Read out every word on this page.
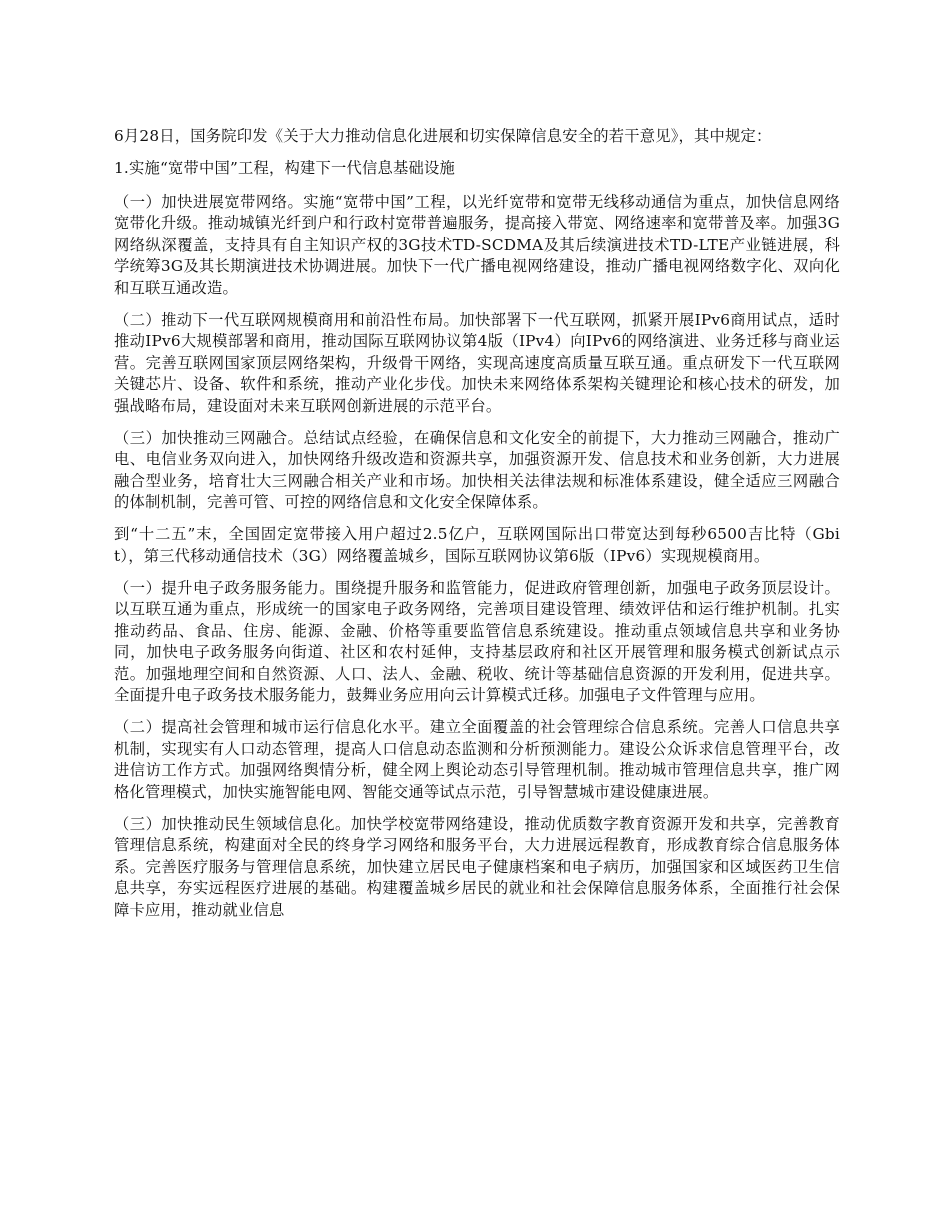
6月28日，国务院印发《关于大力推动信息化进展和切实保障信息安全的若干意见》，其中规定：

1.实施“宽带中国”工程，构建下一代信息基础设施

（一）加快进展宽带网络。实施“宽带中国”工程，以光纤宽带和宽带无线移动通信为重点，加快信息网络宽带化升级。推动城镇光纤到户和行政村宽带普遍服务，提高接入带宽、网络速率和宽带普及率。加强3G网络纵深覆盖，支持具有自主知识产权的3G技术TD-SCDMA及其后续演进技术TD-LTE产业链进展，科学统筹3G及其长期演进技术协调进展。加快下一代广播电视网络建设，推动广播电视网络数字化、双向化和互联互通改造。

（二）推动下一代互联网规模商用和前沿性布局。加快部署下一代互联网，抓紧开展IPv6商用试点，适时推动IPv6大规模部署和商用，推动国际互联网协议第4版（IPv4）向IPv6的网络演进、业务迁移与商业运营。完善互联网国家顶层网络架构，升级骨干网络，实现高速度高质量互联互通。重点研发下一代互联网关键芯片、设备、软件和系统，推动产业化步伐。加快未来网络体系架构关键理论和核心技术的研发，加强战略布局，建设面对未来互联网创新进展的示范平台。

（三）加快推动三网融合。总结试点经验，在确保信息和文化安全的前提下，大力推动三网融合，推动广电、电信业务双向进入，加快网络升级改造和资源共享，加强资源开发、信息技术和业务创新，大力进展融合型业务，培育壮大三网融合相关产业和市场。加快相关法律法规和标准体系建设，健全适应三网融合的体制机制，完善可管、可控的网络信息和文化安全保障体系。

到“十二五”末，全国固定宽带接入用户超过2.5亿户，互联网国际出口带宽达到每秒6500吉比特（Gbit），第三代移动通信技术（3G）网络覆盖城乡，国际互联网协议第6版（IPv6）实现规模商用。

（一）提升电子政务服务能力。围绕提升服务和监管能力，促进政府管理创新，加强电子政务顶层设计。以互联互通为重点，形成统一的国家电子政务网络，完善项目建设管理、绩效评估和运行维护机制。扎实推动药品、食品、住房、能源、金融、价格等重要监管信息系统建设。推动重点领域信息共享和业务协同，加快电子政务服务向街道、社区和农村延伸，支持基层政府和社区开展管理和服务模式创新试点示范。加强地理空间和自然资源、人口、法人、金融、税收、统计等基础信息资源的开发利用，促进共享。全面提升电子政务技术服务能力，鼓舞业务应用向云计算模式迁移。加强电子文件管理与应用。

（二）提高社会管理和城市运行信息化水平。建立全面覆盖的社会管理综合信息系统。完善人口信息共享机制，实现实有人口动态管理，提高人口信息动态监测和分析预测能力。建设公众诉求信息管理平台，改进信访工作方式。加强网络舆情分析，健全网上舆论动态引导管理机制。推动城市管理信息共享，推广网格化管理模式，加快实施智能电网、智能交通等试点示范，引导智慧城市建设健康进展。

（三）加快推动民生领域信息化。加快学校宽带网络建设，推动优质数字教育资源开发和共享，完善教育管理信息系统，构建面对全民的终身学习网络和服务平台，大力进展远程教育，形成教育综合信息服务体系。完善医疗服务与管理信息系统，加快建立居民电子健康档案和电子病历，加强国家和区域医药卫生信息共享，夯实远程医疗进展的基础。构建覆盖城乡居民的就业和社会保障信息服务体系，全面推行社会保障卡应用，推动就业信息
